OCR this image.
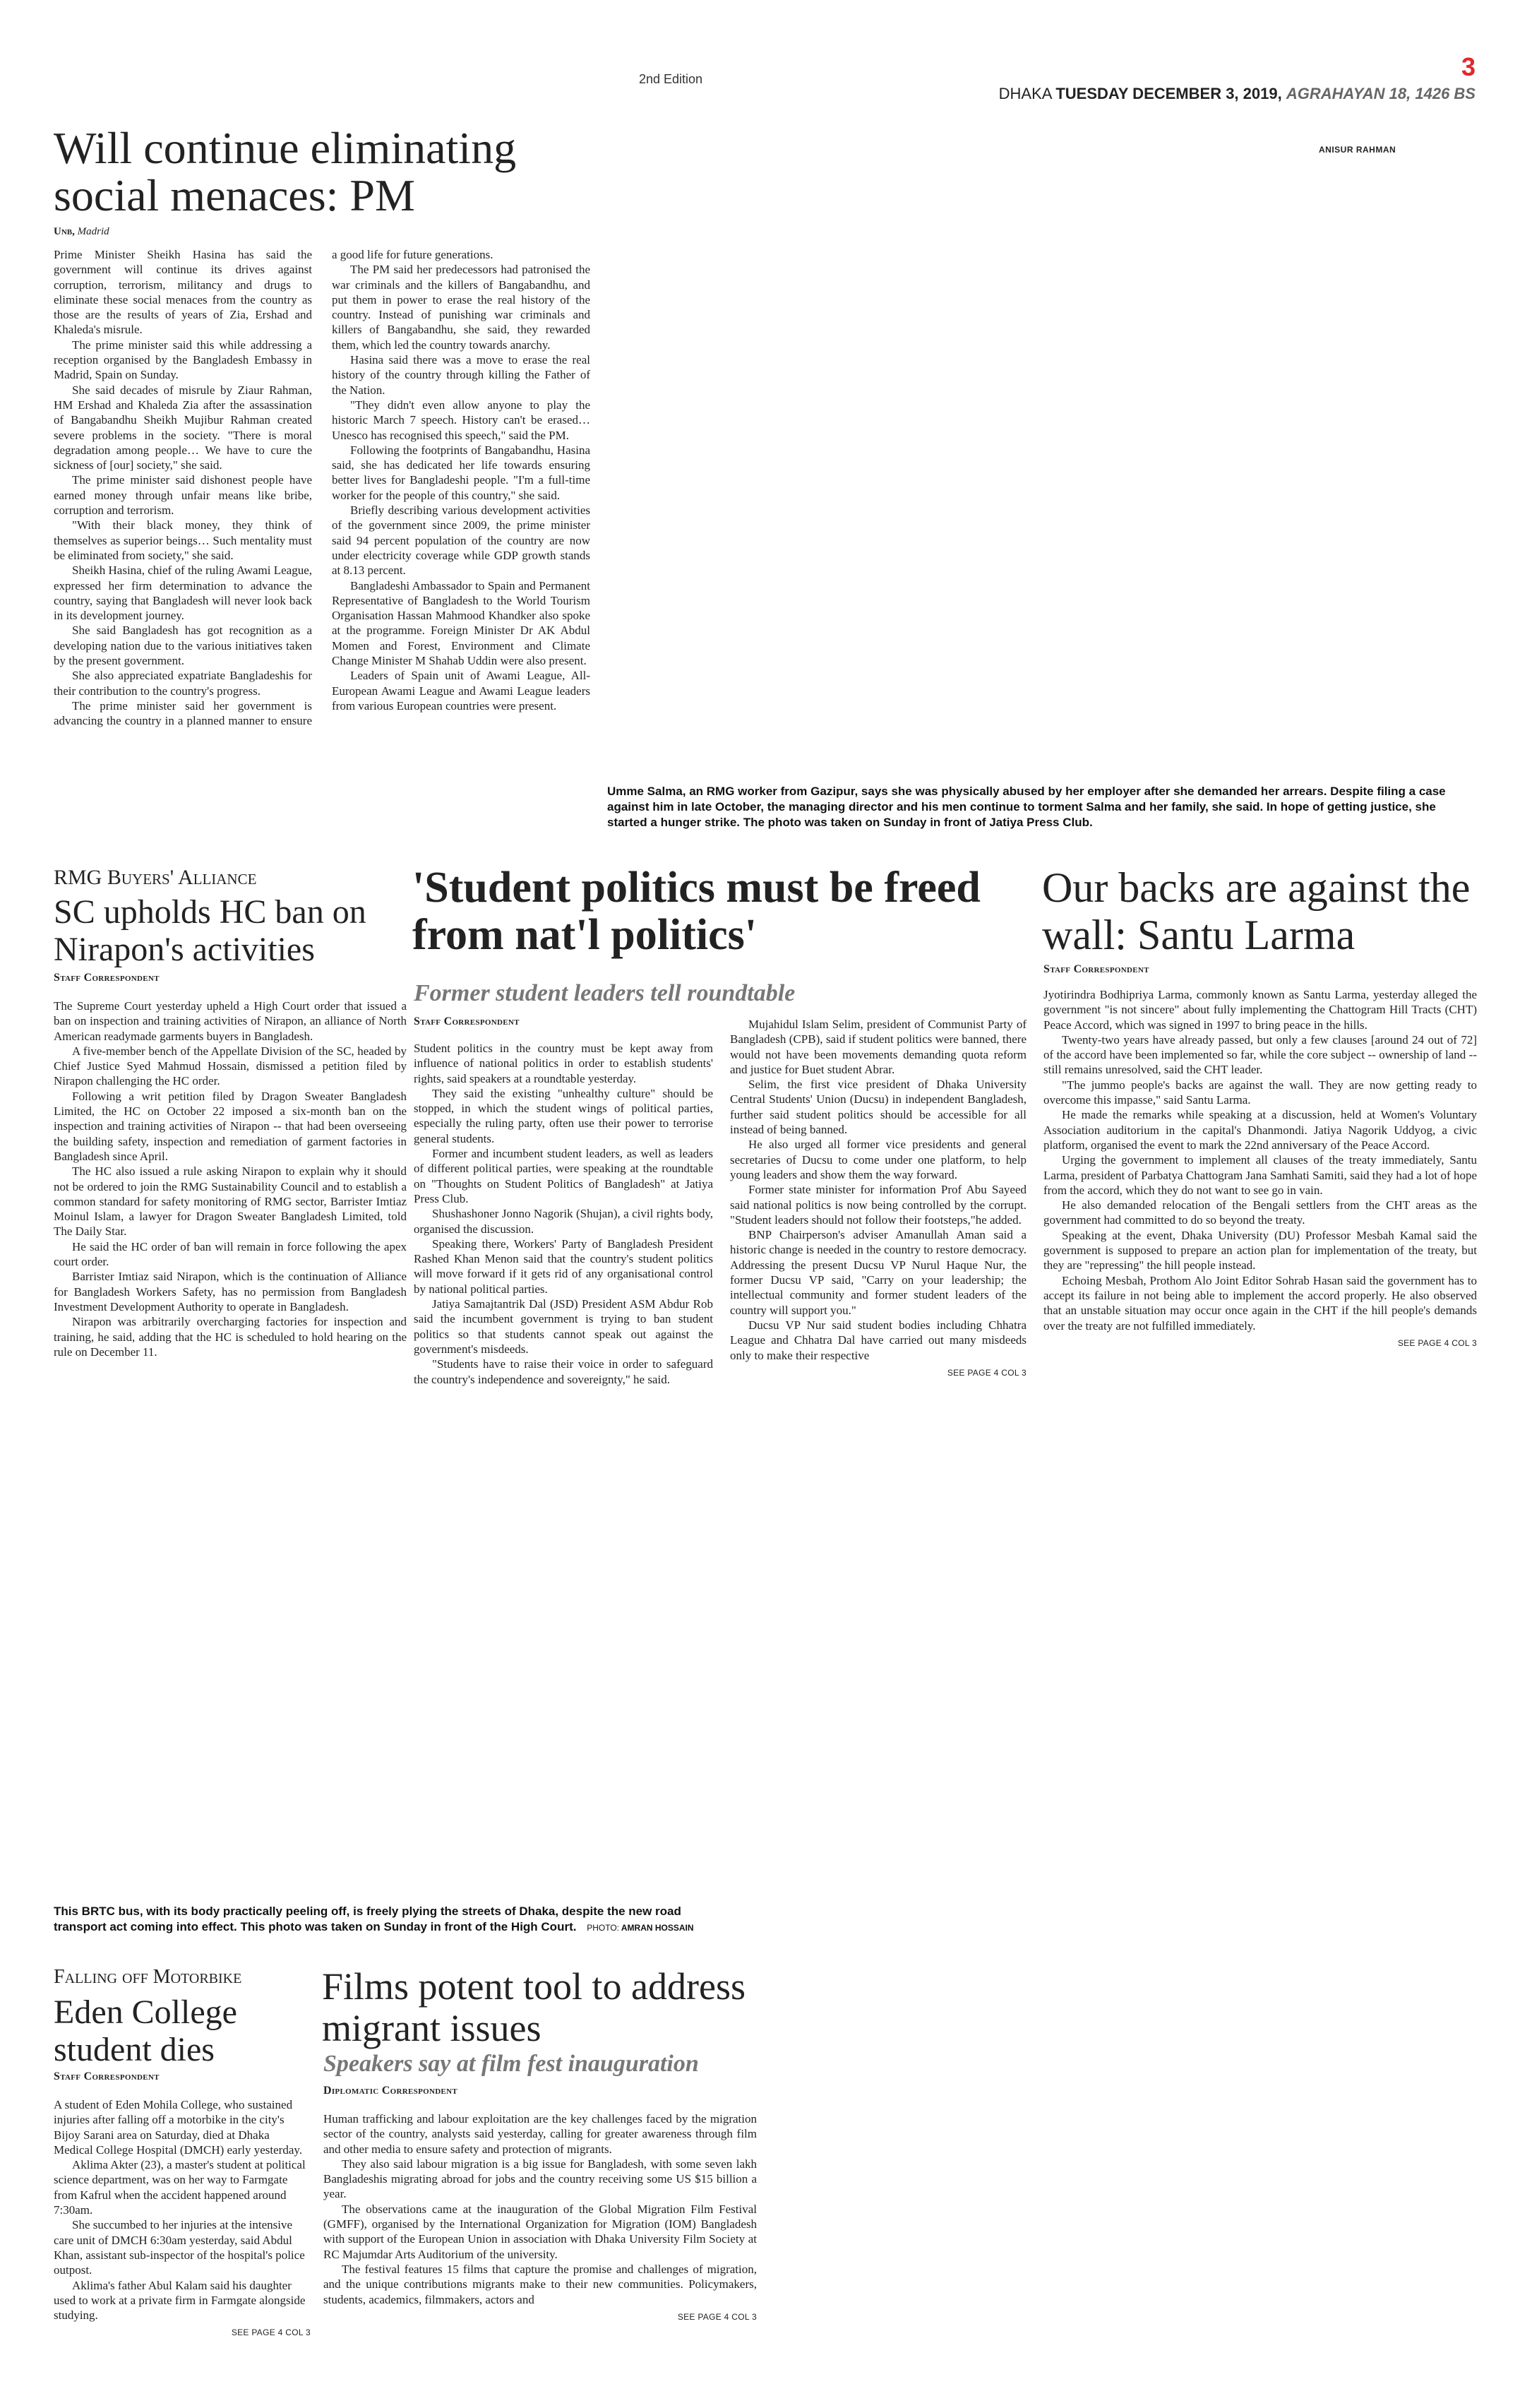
2nd Edition	3
DHAKA TUESDAY DECEMBER 3, 2019, AGRAHAYAN 18, 1426 BS
Will continue eliminating social menaces: PM
Unb, Madrid

Prime Minister Sheikh Hasina has said the government will continue its drives against corruption, terrorism, militancy and drugs to eliminate these social menaces from the country as those are the results of years of Zia, Ershad and Khaleda's misrule.

The prime minister said this while addressing a reception organised by the Bangladesh Embassy in Madrid, Spain on Sunday.

She said decades of misrule by Ziaur Rahman, HM Ershad and Khaleda Zia after the assassination of Bangabandhu Sheikh Mujibur Rahman created severe problems in the society. "There is moral degradation among people… We have to cure the sickness of [our] society," she said.

The prime minister said dishonest people have earned money through unfair means like bribe, corruption and terrorism.

"With their black money, they think of themselves as superior beings… Such mentality must be eliminated from society," she said.

Sheikh Hasina, chief of the ruling Awami League, expressed her firm determination to advance the country, saying that Bangladesh will never look back in its development journey.

She said Bangladesh has got recognition as a developing nation due to the various initiatives taken by the present government.

She also appreciated expatriate Bangladeshis for their contribution to the country's progress.

The prime minister said her government is advancing the country in a planned manner to ensure a good life for future generations.

The PM said her predecessors had patronised the war criminals and the killers of Bangabandhu, and put them in power to erase the real history of the country. Instead of punishing war criminals and killers of Bangabandhu, she said, they rewarded them, which led the country towards anarchy.

Hasina said there was a move to erase the real history of the country through killing the Father of the Nation.

"They didn't even allow anyone to play the historic March 7 speech. History can't be erased… Unesco has recognised this speech," said the PM.

Following the footprints of Bangabandhu, Hasina said, she has dedicated her life towards ensuring better lives for Bangladeshi people. "I'm a full-time worker for the people of this country," she said.

Briefly describing various development activities of the government since 2009, the prime minister said 94 percent population of the country are now under electricity coverage while GDP growth stands at 8.13 percent.

Bangladeshi Ambassador to Spain and Permanent Representative of Bangladesh to the World Tourism Organisation Hassan Mahmood Khandker also spoke at the programme. Foreign Minister Dr AK Abdul Momen and Forest, Environment and Climate Change Minister M Shahab Uddin were also present.

Leaders of Spain unit of Awami League, All-European Awami League and Awami League leaders from various European countries were present.

ANISUR RAHMAN
Umme Salma, an RMG worker from Gazipur, says she was physically abused by her employer after she demanded her arrears. Despite filing a case against him in late October, the managing director and his men continue to torment Salma and her family, she said. In hope of getting justice, she started a hunger strike. The photo was taken on Sunday in front of Jatiya Press Club.
RMG Buyers' Alliance
SC upholds HC ban on Nirapon's activities
Staff Correspondent

The Supreme Court yesterday upheld a High Court order that issued a ban on inspection and training activities of Nirapon, an alliance of North American readymade garments buyers in Bangladesh.

A five-member bench of the Appellate Division of the SC, headed by Chief Justice Syed Mahmud Hossain, dismissed a petition filed by Nirapon challenging the HC order.

Following a writ petition filed by Dragon Sweater Bangladesh Limited, the HC on October 22 imposed a six-month ban on the inspection and training activities of Nirapon -- that had been overseeing the building safety, inspection and remediation of garment factories in Bangladesh since April.

The HC also issued a rule asking Nirapon to explain why it should not be ordered to join the RMG Sustainability Council and to establish a common standard for safety monitoring of RMG sector, Barrister Imtiaz Moinul Islam, a lawyer for Dragon Sweater Bangladesh Limited, told The Daily Star.

He said the HC order of ban will remain in force following the apex court order.

Barrister Imtiaz said Nirapon, which is the continuation of Alliance for Bangladesh Workers Safety, has no permission from Bangladesh Investment Development Authority to operate in Bangladesh.

Nirapon was arbitrarily overcharging factories for inspection and training, he said, adding that the HC is scheduled to hold hearing on the rule on December 11.

'Student politics must be freed from nat'l politics'
Former student leaders tell roundtable
Staff Correspondent

Student politics in the country must be kept away from influence of national politics in order to establish students' rights, said speakers at a roundtable yesterday.

They said the existing "unhealthy culture" should be stopped, in which the student wings of political parties, especially the ruling party, often use their power to terrorise general students.

Former and incumbent student leaders, as well as leaders of different political parties, were speaking at the roundtable on "Thoughts on Student Politics of Bangladesh" at Jatiya Press Club.

Shushashoner Jonno Nagorik (Shujan), a civil rights body, organised the discussion.

Speaking there, Workers' Party of Bangladesh President Rashed Khan Menon said that the country's student politics will move forward if it gets rid of any organisational control by national political parties.

Jatiya Samajtantrik Dal (JSD) President ASM Abdur Rob said the incumbent government is trying to ban student politics so that students cannot speak out against the government's misdeeds.

"Students have to raise their voice in order to safeguard the country's independence and sovereignty," he said.

Mujahidul Islam Selim, president of Communist Party of Bangladesh (CPB), said if student politics were banned, there would not have been movements demanding quota reform and justice for Buet student Abrar.

Selim, the first vice president of Dhaka University Central Students' Union (Ducsu) in independent Bangladesh, further said student politics should be accessible for all instead of being banned.

He also urged all former vice presidents and general secretaries of Ducsu to come under one platform, to help young leaders and show them the way forward.

Former state minister for information Prof Abu Sayeed said national politics is now being controlled by the corrupt. "Student leaders should not follow their footsteps,"he added.

BNP Chairperson's adviser Amanullah Aman said a historic change is needed in the country to restore democracy. Addressing the present Ducsu VP Nurul Haque Nur, the former Ducsu VP said, "Carry on your leadership; the intellectual community and former student leaders of the country will support you."

Ducsu VP Nur said student bodies including Chhatra League and Chhatra Dal have carried out many misdeeds only to make their respective

SEE PAGE 4 COL 3
Our backs are against the wall: Santu Larma
Staff Correspondent

Jyotirindra Bodhipriya Larma, commonly known as Santu Larma, yesterday alleged the government "is not sincere" about fully implementing the Chattogram Hill Tracts (CHT) Peace Accord, which was signed in 1997 to bring peace in the hills.

Twenty-two years have already passed, but only a few clauses [around 24 out of 72] of the accord have been implemented so far, while the core subject -- ownership of land -- still remains unresolved, said the CHT leader.

"The jummo people's backs are against the wall. They are now getting ready to overcome this impasse," said Santu Larma.

He made the remarks while speaking at a discussion, held at Women's Voluntary Association auditorium in the capital's Dhanmondi. Jatiya Nagorik Uddyog, a civic platform, organised the event to mark the 22nd anniversary of the Peace Accord.

Urging the government to implement all clauses of the treaty immediately, Santu Larma, president of Parbatya Chattogram Jana Samhati Samiti, said they had a lot of hope from the accord, which they do not want to see go in vain.

He also demanded relocation of the Bengali settlers from the CHT areas as the government had committed to do so beyond the treaty.

Speaking at the event, Dhaka University (DU) Professor Mesbah Kamal said the government is supposed to prepare an action plan for implementation of the treaty, but they are "repressing" the hill people instead.

Echoing Mesbah, Prothom Alo Joint Editor Sohrab Hasan said the government has to accept its failure in not being able to implement the accord properly. He also observed that an unstable situation may occur once again in the CHT if the hill people's demands over the treaty are not fulfilled immediately.

SEE PAGE 4 COL 3
This BRTC bus, with its body practically peeling off, is freely plying the streets of Dhaka, despite the new road transport act coming into effect. This photo was taken on Sunday in front of the High Court. PHOTO: AMRAN HOSSAIN
Falling off Motorbike
Eden College student dies
Staff Correspondent

A student of Eden Mohila College, who sustained injuries after falling off a motorbike in the city's Bijoy Sarani area on Saturday, died at Dhaka Medical College Hospital (DMCH) early yesterday.

Aklima Akter (23), a master's student at political science department, was on her way to Farmgate from Kafrul when the accident happened around 7:30am.

She succumbed to her injuries at the intensive care unit of DMCH 6:30am yesterday, said Abdul Khan, assistant sub-inspector of the hospital's police outpost.

Aklima's father Abul Kalam said his daughter used to work at a private firm in Farmgate alongside studying.

SEE PAGE 4 COL 3
Films potent tool to address migrant issues
Speakers say at film fest inauguration
Diplomatic Correspondent

Human trafficking and labour exploitation are the key challenges faced by the migration sector of the country, analysts said yesterday, calling for greater awareness through film and other media to ensure safety and protection of migrants.

They also said labour migration is a big issue for Bangladesh, with some seven lakh Bangladeshis migrating abroad for jobs and the country receiving some US $15 billion a year.

The observations came at the inauguration of the Global Migration Film Festival (GMFF), organised by the International Organization for Migration (IOM) Bangladesh with support of the European Union in association with Dhaka University Film Society at RC Majumdar Arts Auditorium of the university.

The festival features 15 films that capture the promise and challenges of migration, and the unique contributions migrants make to their new communities. Policymakers, students, academics, filmmakers, actors and

SEE PAGE 4 COL 3
